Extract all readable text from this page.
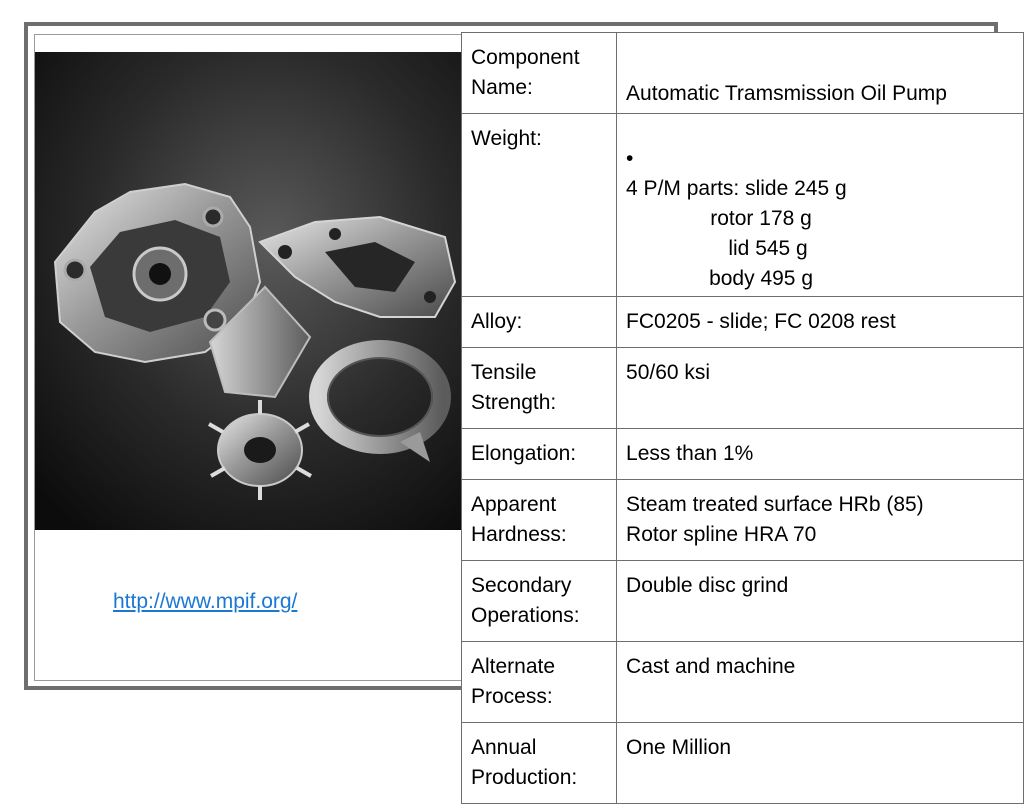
http://www.mpif.org/
Component Name:	Automatic Tramsmission Oil Pump
Weight:	•
4 P/M parts: slide 245 g
rotor 178 g
lid 545 g
body 495 g

Alloy:	FC0205 - slide; FC 0208 rest
Tensile Strength:	50/60 ksi
Elongation:	Less than 1%
Apparent Hardness:	Steam treated surface HRb (85)
Rotor spline HRA 70

Secondary Operations:	Double disc grind
Alternate Process:	Cast and machine
Annual Production:	One Million
